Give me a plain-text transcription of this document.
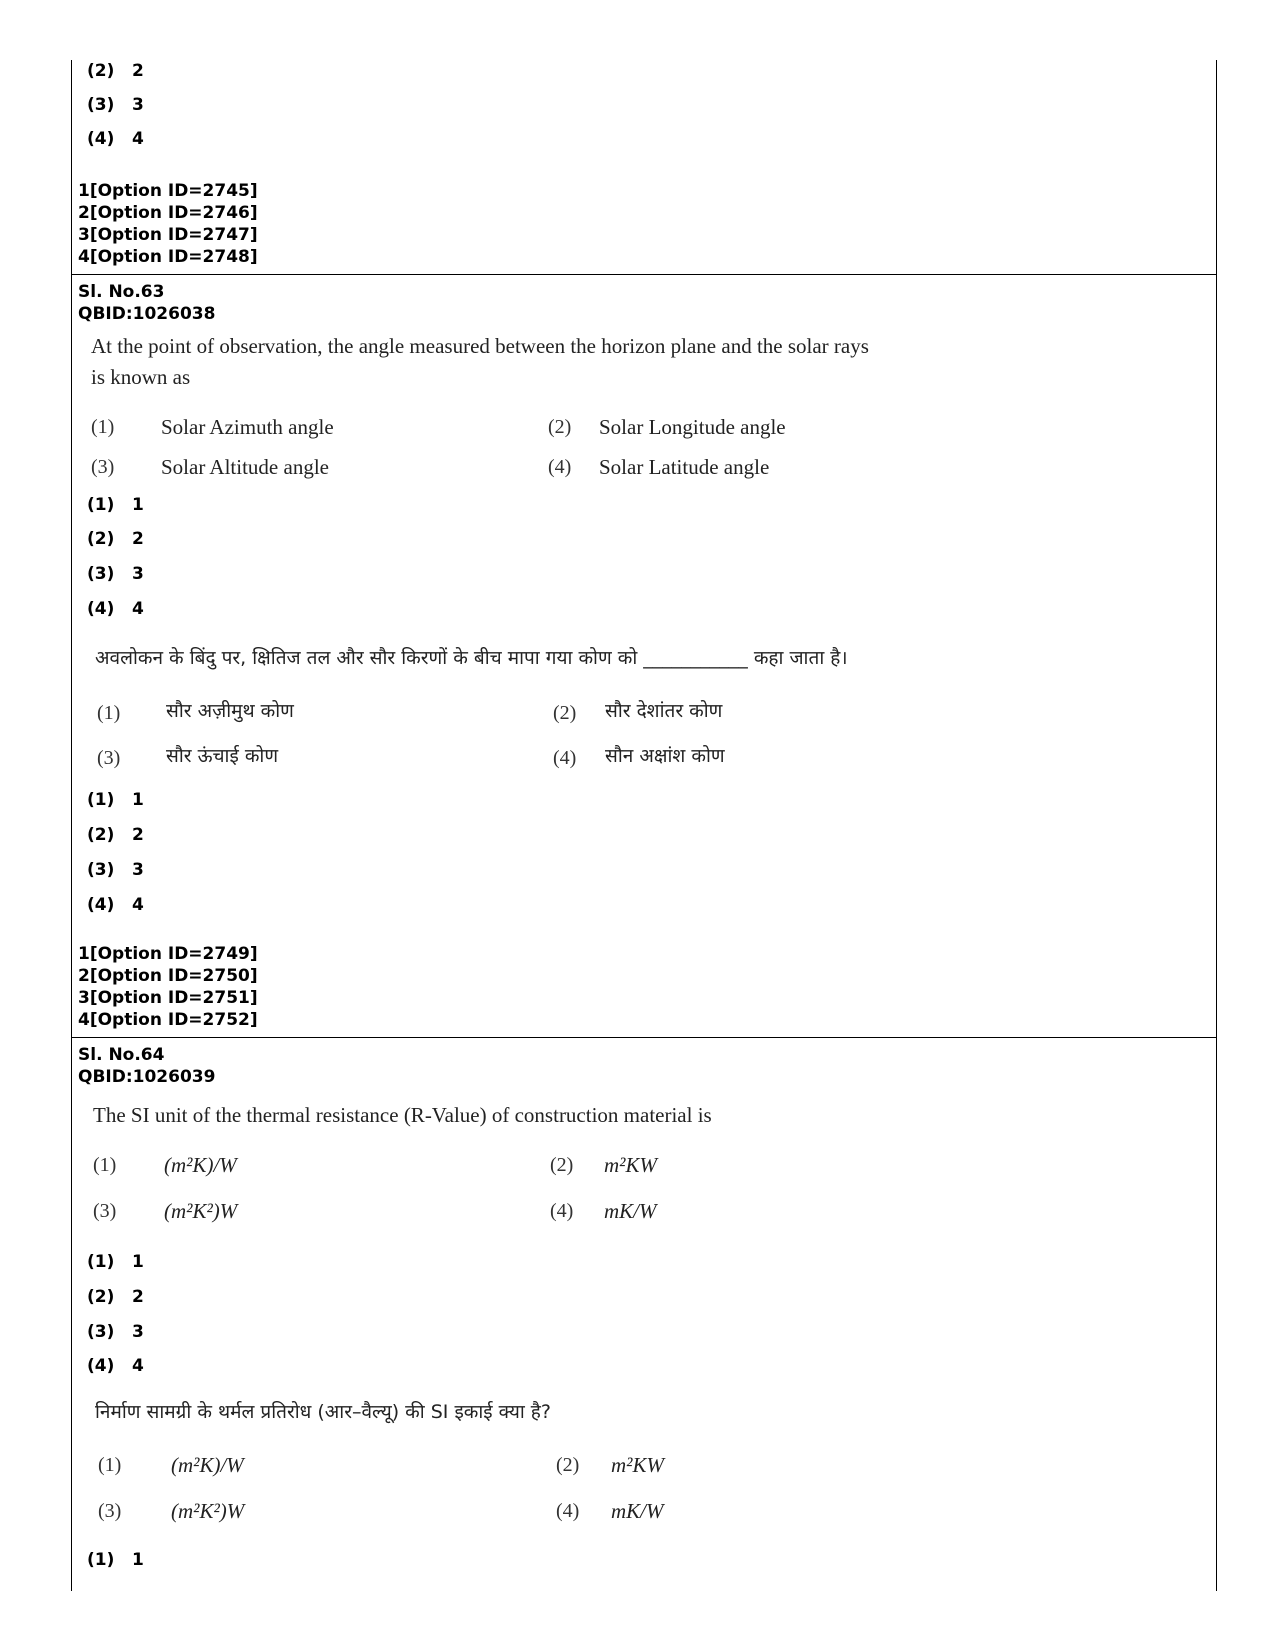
(2) 2
(3) 3
(4) 4
1[Option ID=2745]
2[Option ID=2746]
3[Option ID=2747]
4[Option ID=2748]
Sl. No.63
QBID:1026038
At the point of observation, the angle measured between the horizon plane and the solar rays
is known as
(1) Solar Azimuth angle	(2) Solar Longitude angle
(3) Solar Altitude angle	(4) Solar Latitude angle
(1) 1
(2) 2
(3) 3
(4) 4
अवलोकन के बिंदु पर, क्षितिज तल और सौर किरणों के बीच मापा गया कोण को ___________ कहा जाता है।
(1) सौर अज़ीमुथ कोण	(2) सौर देशांतर कोण
(3) सौर ऊंचाई कोण	(4) सौन अक्षांश कोण
(1) 1
(2) 2
(3) 3
(4) 4
1[Option ID=2749]
2[Option ID=2750]
3[Option ID=2751]
4[Option ID=2752]
Sl. No.64
QBID:1026039
The SI unit of the thermal resistance (R-Value) of construction material is
(1) (m²K)/W	(2) m²KW
(3) (m²K²)W	(4) mK/W
(1) 1
(2) 2
(3) 3
(4) 4
निर्माण सामग्री के थर्मल प्रतिरोध (आर–वैल्यू) की SI इकाई क्या है?
(1) (m²K)/W	(2) m²KW
(3) (m²K²)W	(4) mK/W
(1) 1
